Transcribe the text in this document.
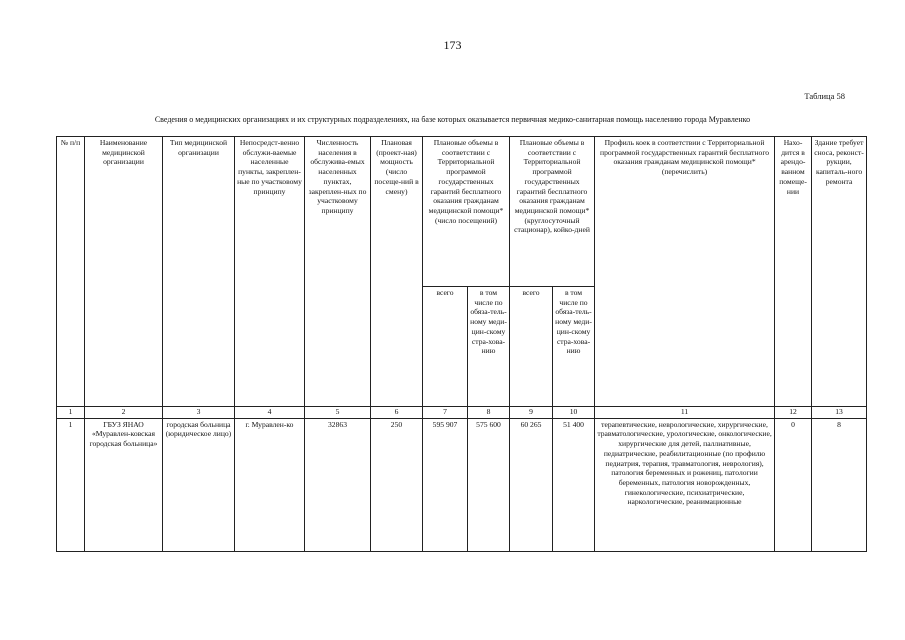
173
Таблица 58
Сведения о медицинских организациях и их структурных подразделениях, на базе которых оказывается первичная медико-санитарная помощь населению города Муравленко
№ п/п	Наименование медицинской организации	Тип медицинской организации	Непосредст-венно обслужи-ваемые населенные пункты, закреплен-ные по участковому принципу	Численность населения в обслужива-емых населенных пунктах, закреплен-ных по участковому принципу	Плановая (проект-ная) мощность (число посеще-ний в смену)	Плановые объемы в соответствии с Территориальной программой государственных гарантий бесплатного оказания гражданам медицинской помощи* (число посещений)		Плановые объемы в соответствии с Территориальной программой государственных гарантий бесплатного оказания гражданам медицинской помощи* (круглосуточный стационар), койко-дней		Профиль коек в соответствии с Территориальной программой государственных гарантий бесплатного оказания гражданам медицинской помощи* (перечислить)	Нахо-дится в арендо-ванном помеще-нии	Здание требует сноса, реконст-рукции, капиталь-ного ремонта
						всего	в том числе по обяза-тель-ному меди-цин-скому стра-хова-нию	всего	в том числе по обяза-тель-ному меди-цин-скому стра-хова-нию			
1	2	3	4	5	6	7	8	9	10	11	12	13
1	ГБУЗ ЯНАО «Муравлен-ковская городская больница»	городская больница (юридическое лицо)	г. Муравлен-ко	32863	250	595 907	575 600	60 265	51 400	терапевтические, неврологические, хирургические, травматологические, урологические, онкологические, хирургические для детей, паллиативные, педиатрические, реабилитационные (по профилю педиатрия, терапия, травматология, неврология), патология беременных и рожениц, патологии беременных, патология новорожденных, гинекологические, психиатрические, наркологические, реанимационные	0	8
